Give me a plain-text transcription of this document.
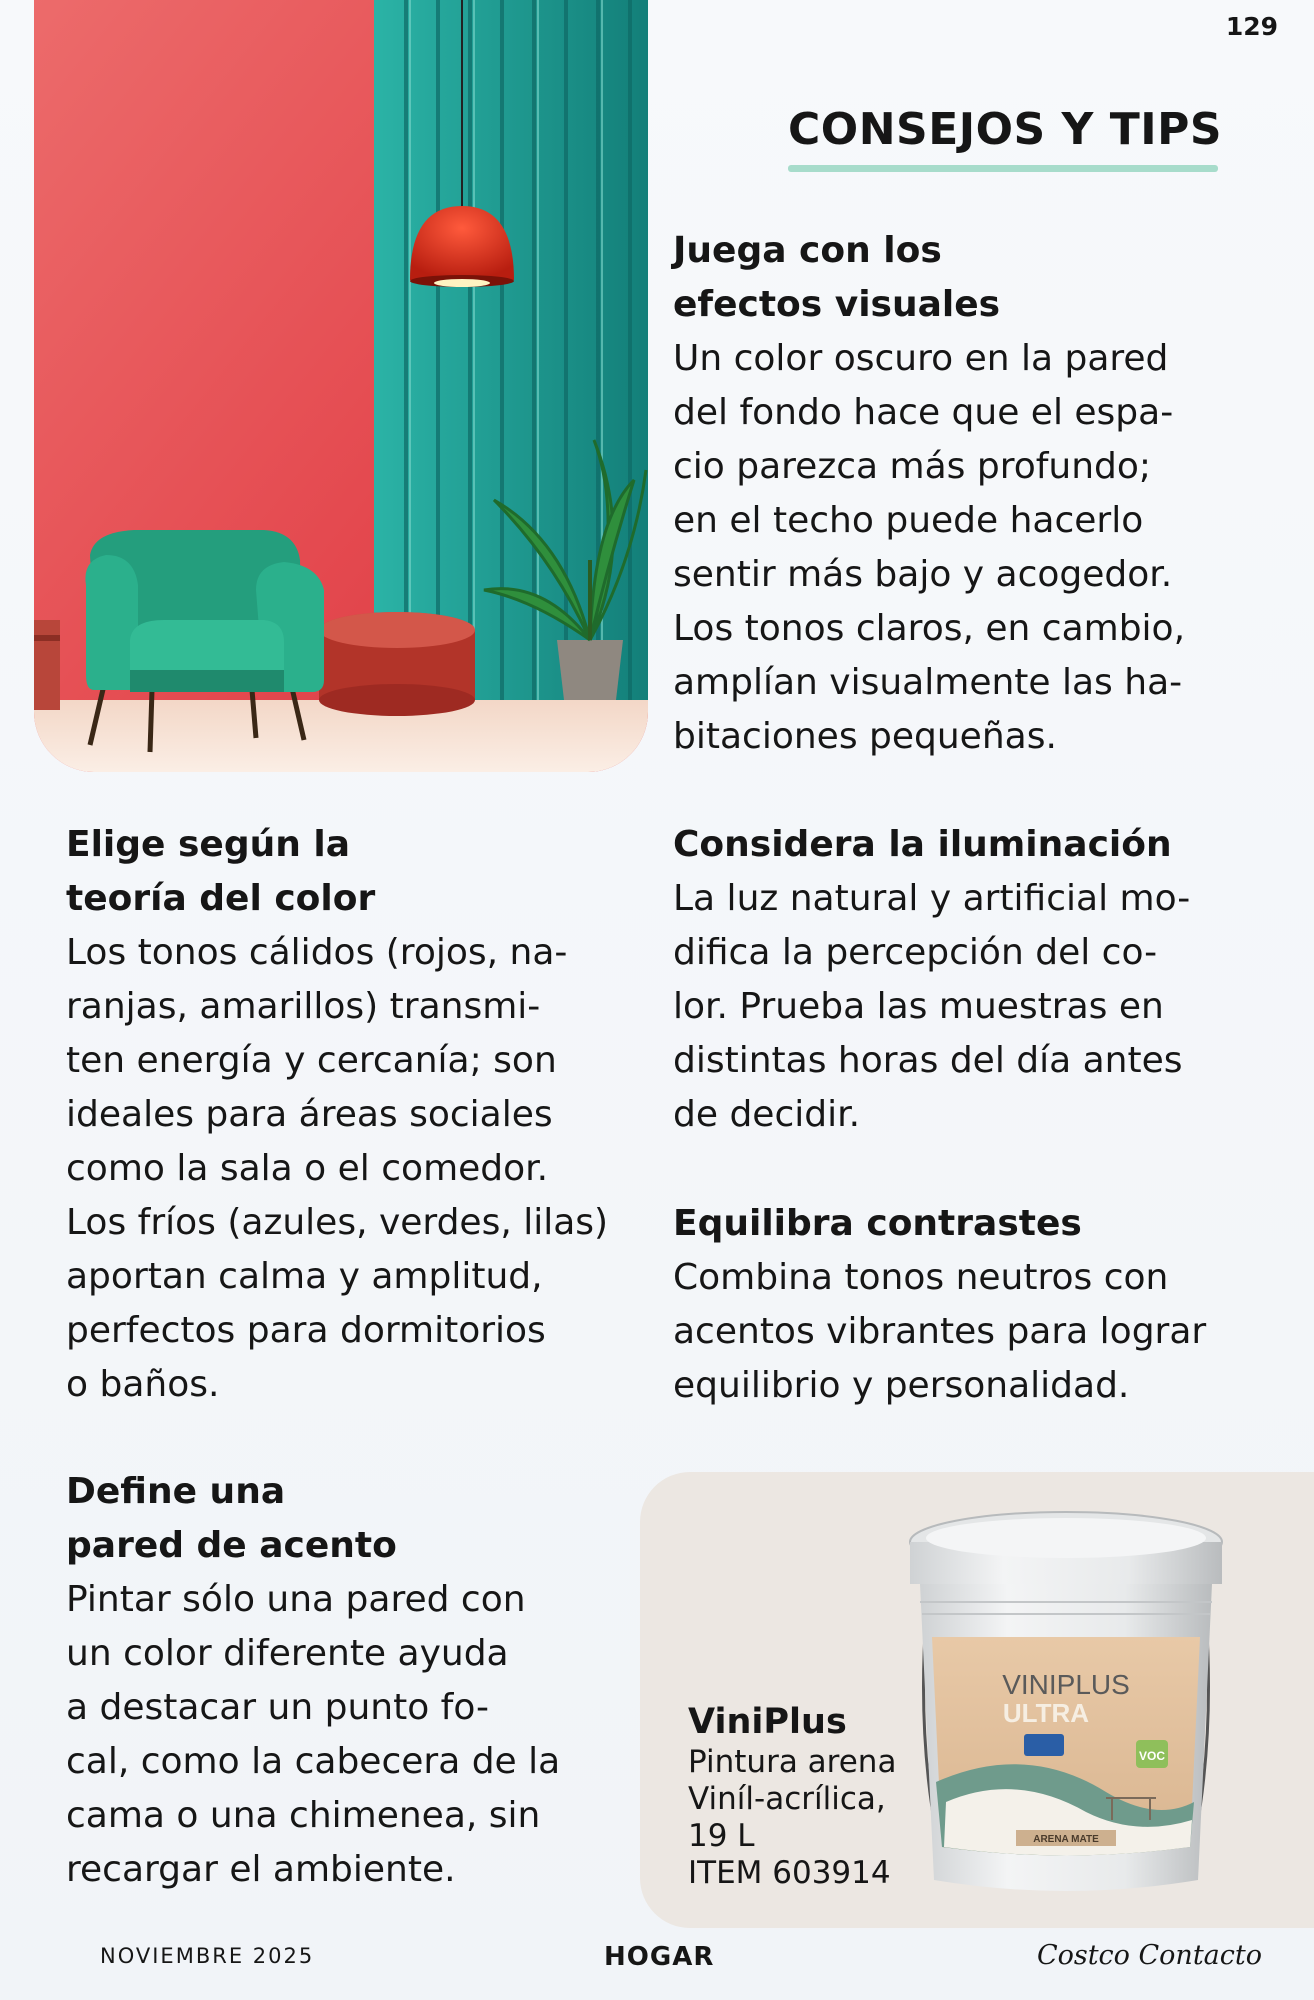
129
CONSEJOS Y TIPS
Juega con los
efectos visuales

Un color oscuro en la pared
del fondo hace que el espa-
cio parezca más profundo;
en el techo puede hacerlo
sentir más bajo y acogedor.
Los tonos claros, en cambio,
amplían visualmente las ha-
bitaciones pequeñas.

Elige según la
teoría del color

Los tonos cálidos (rojos, na-
ranjas, amarillos) transmi-
ten energía y cercanía; son
ideales para áreas sociales
como la sala o el comedor.
Los fríos (azules, verdes, lilas)
aportan calma y amplitud,
perfectos para dormitorios
o baños.

Considera la iluminación

La luz natural y artificial mo-
difica la percepción del co-
lor. Prueba las muestras en
distintas horas del día antes
de decidir.

Equilibra contrastes

Combina tonos neutros con
acentos vibrantes para lograr
equilibrio y personalidad.

Define una
pared de acento

Pintar sólo una pared con
un color diferente ayuda
a destacar un punto fo-
cal, como la cabecera de la
cama o una chimenea, sin
recargar el ambiente.

ViniPlus
Pintura arena
Viníl-acrílica,
19 L
ITEM 603914
VINIPLUS
ULTRA
VOC
ARENA MATE
NOVIEMBRE 2025	HOGAR	Costco Contacto
